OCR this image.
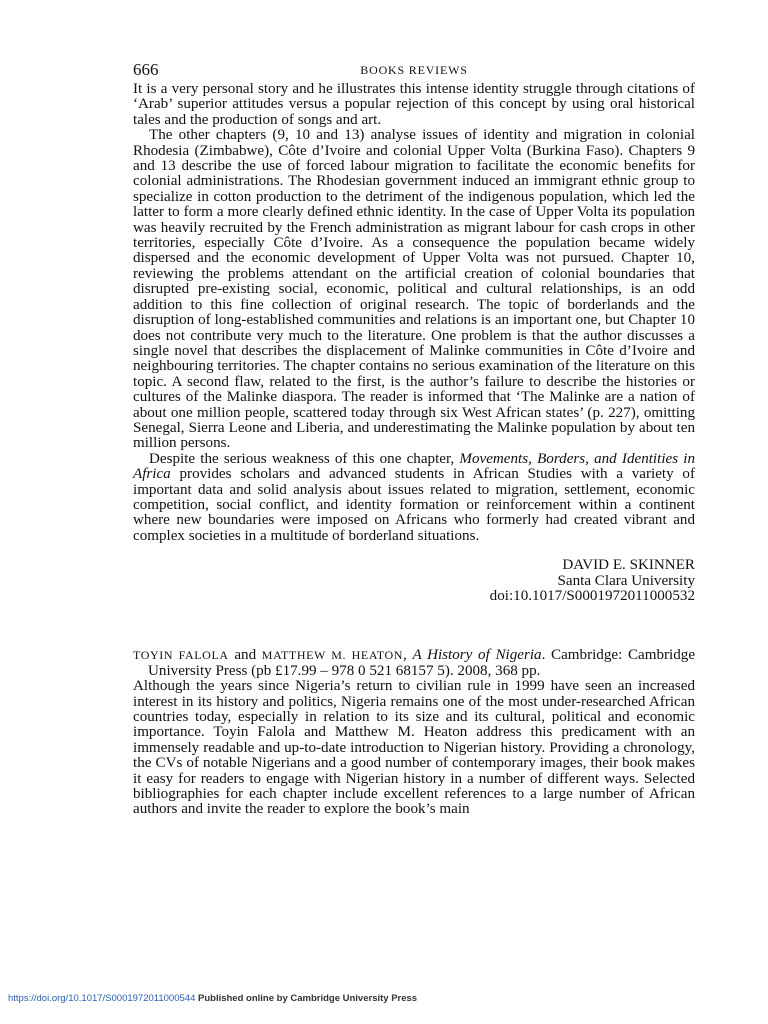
666	BOOKS REVIEWS

It is a very personal story and he illustrates this intense identity struggle through citations of ‘Arab’ superior attitudes versus a popular rejection of this concept by using oral historical tales and the production of songs and art.

The other chapters (9, 10 and 13) analyse issues of identity and migration in colonial Rhodesia (Zimbabwe), Côte d’Ivoire and colonial Upper Volta (Burkina Faso). Chapters 9 and 13 describe the use of forced labour migration to facilitate the economic benefits for colonial administrations. The Rhodesian government induced an immigrant ethnic group to specialize in cotton production to the detriment of the indigenous population, which led the latter to form a more clearly defined ethnic identity. In the case of Upper Volta its population was heavily recruited by the French administration as migrant labour for cash crops in other territories, especially Côte d’Ivoire. As a consequence the population became widely dispersed and the economic development of Upper Volta was not pursued. Chapter 10, reviewing the problems attendant on the artificial creation of colonial boundaries that disrupted pre-existing social, economic, political and cultural relationships, is an odd addition to this fine collection of original research. The topic of borderlands and the disruption of long-established communities and relations is an important one, but Chapter 10 does not contribute very much to the literature. One problem is that the author discusses a single novel that describes the displacement of Malinke communities in Côte d’Ivoire and neighbouring territories. The chapter contains no serious examination of the literature on this topic. A second flaw, related to the first, is the author’s failure to describe the histories or cultures of the Malinke diaspora. The reader is informed that ‘The Malinke are a nation of about one million people, scattered today through six West African states’ (p. 227), omitting Senegal, Sierra Leone and Liberia, and underestimating the Malinke population by about ten million persons.

Despite the serious weakness of this one chapter, Movements, Borders, and Identities in Africa provides scholars and advanced students in African Studies with a variety of important data and solid analysis about issues related to migration, settlement, economic competition, social conflict, and identity formation or reinforcement within a continent where new boundaries were imposed on Africans who formerly had created vibrant and complex societies in a multitude of borderland situations.

DAVID E. SKINNER
Santa Clara University
doi:10.1017/S0001972011000532

TOYIN FALOLA and MATTHEW M. HEATON, A History of Nigeria. Cambridge: Cambridge University Press (pb £17.99 – 978 0 521 68157 5). 2008, 368 pp.

Although the years since Nigeria’s return to civilian rule in 1999 have seen an increased interest in its history and politics, Nigeria remains one of the most under-researched African countries today, especially in relation to its size and its cultural, political and economic importance. Toyin Falola and Matthew M. Heaton address this predicament with an immensely readable and up-to-date introduction to Nigerian history. Providing a chronology, the CVs of notable Nigerians and a good number of contemporary images, their book makes it easy for readers to engage with Nigerian history in a number of different ways. Selected bibliographies for each chapter include excellent references to a large number of African authors and invite the reader to explore the book’s main

https://doi.org/10.1017/S0001972011000544 Published online by Cambridge University Press
